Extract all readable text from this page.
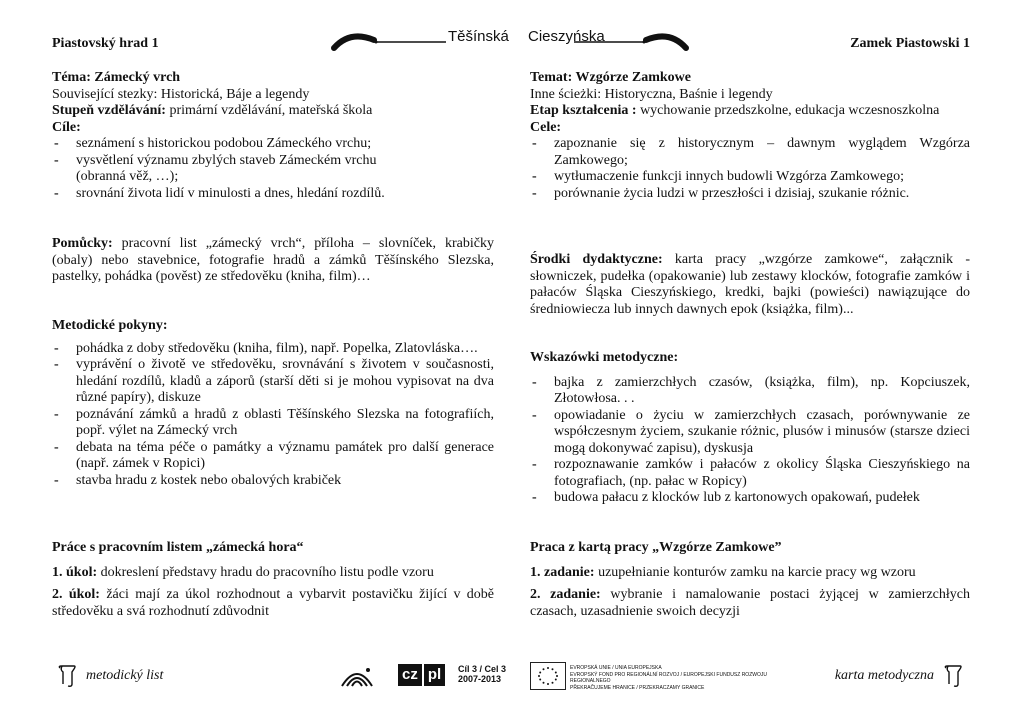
Piastovský hrad 1	Těšínská Cieszyńska	Zamek Piastowski 1

Téma: Zámecký vrch

Související stezky: Historická, Báje a legendy

Stupeň vzdělávání: primární vzdělávání, mateřská škola

Cíle:

- seznámení s historickou podobou Zámeckého vrchu;
- vysvětlení významu zbylých staveb Zámeckém vrchu (obranná věž, …);
- srovnání života lidí v minulosti a dnes, hledání rozdílů.

Pomůcky: pracovní list „zámecký vrch“, příloha – slovníček, krabičky (obaly) nebo stavebnice, fotografie hradů a zámků Těšínského Slezska, pastelky, pohádka (pověst) ze středověku (kniha, film)…

Metodické pokyny:

- pohádka z doby středověku (kniha, film), např. Popelka, Zlatovláska….
- vyprávění o životě ve středověku, srovnávání s životem v současnosti, hledání rozdílů, kladů a záporů (starší děti si je mohou vypisovat na dva různé papíry), diskuze
- poznávání zámků a hradů z oblasti Těšínského Slezska na fotografiích, popř. výlet na Zámecký vrch
- debata na téma péče o památky a významu památek pro další generace (např. zámek v Ropici)
- stavba hradu z kostek nebo obalových krabiček

Práce s pracovním listem „zámecká hora“

1. úkol: dokreslení představy hradu do pracovního listu podle vzoru

2. úkol: žáci mají za úkol rozhodnout a vybarvit postavičku žijící v době středověku a svá rozhodnutí zdůvodnit

Temat: Wzgórze Zamkowe

Inne ścieżki: Historyczna, Baśnie i legendy

Etap kształcenia : wychowanie przedszkolne, edukacja wczesnoszkolna

Cele:

- zapoznanie się z historycznym – dawnym wyglądem Wzgórza Zamkowego;
- wytłumaczenie funkcji innych budowli Wzgórza Zamkowego;
- porównanie życia ludzi w przeszłości i dzisiaj, szukanie różnic.

Środki dydaktyczne: karta pracy „wzgórze zamkowe“, załącznik - słowniczek, pudełka (opakowanie) lub zestawy klocków, fotografie zamków i pałaców Śląska Cieszyńskiego, kredki, bajki (powieści) nawiązujące do średniowiecza lub innych dawnych epok (książka, film)...

Wskazówki metodyczne:

- bajka z zamierzchłych czasów, (książka, film), np. Kopciuszek, Złotowłosa. . .
- opowiadanie o życiu w zamierzchłych czasach, porównywanie ze współczesnym życiem, szukanie różnic, plusów i minusów (starsze dzieci mogą dokonywać zapisu), dyskusja
- rozpoznawanie zamków i pałaców z okolicy Śląska Cieszyńskiego na fotografiach, (np. pałac w Ropicy)
- budowa pałacu z klocków lub z kartonowych opakowań, pudełek

Praca z kartą pracy „Wzgórze Zamkowe”

1. zadanie: uzupełnianie konturów zamku na karcie pracy wg wzoru

2. zadanie: wybranie i namalowanie postaci żyjącej w zamierzchłych czasach, uzasadnienie swoich decyzji

metodický list	cz pl	Cíl 3 / Cel 3
2007-2013
EVROPSKÁ UNIE / UNIA EUROPEJSKA
EVROPSKÝ FOND PRO REGIONÁLNÍ ROZVOJ / EUROPEJSKI FUNDUSZ ROZWOJU REGIONALNEGO
PŘEKRAČUJEME HRANICE / PRZEKRACZAMY GRANICE
karta metodyczna
